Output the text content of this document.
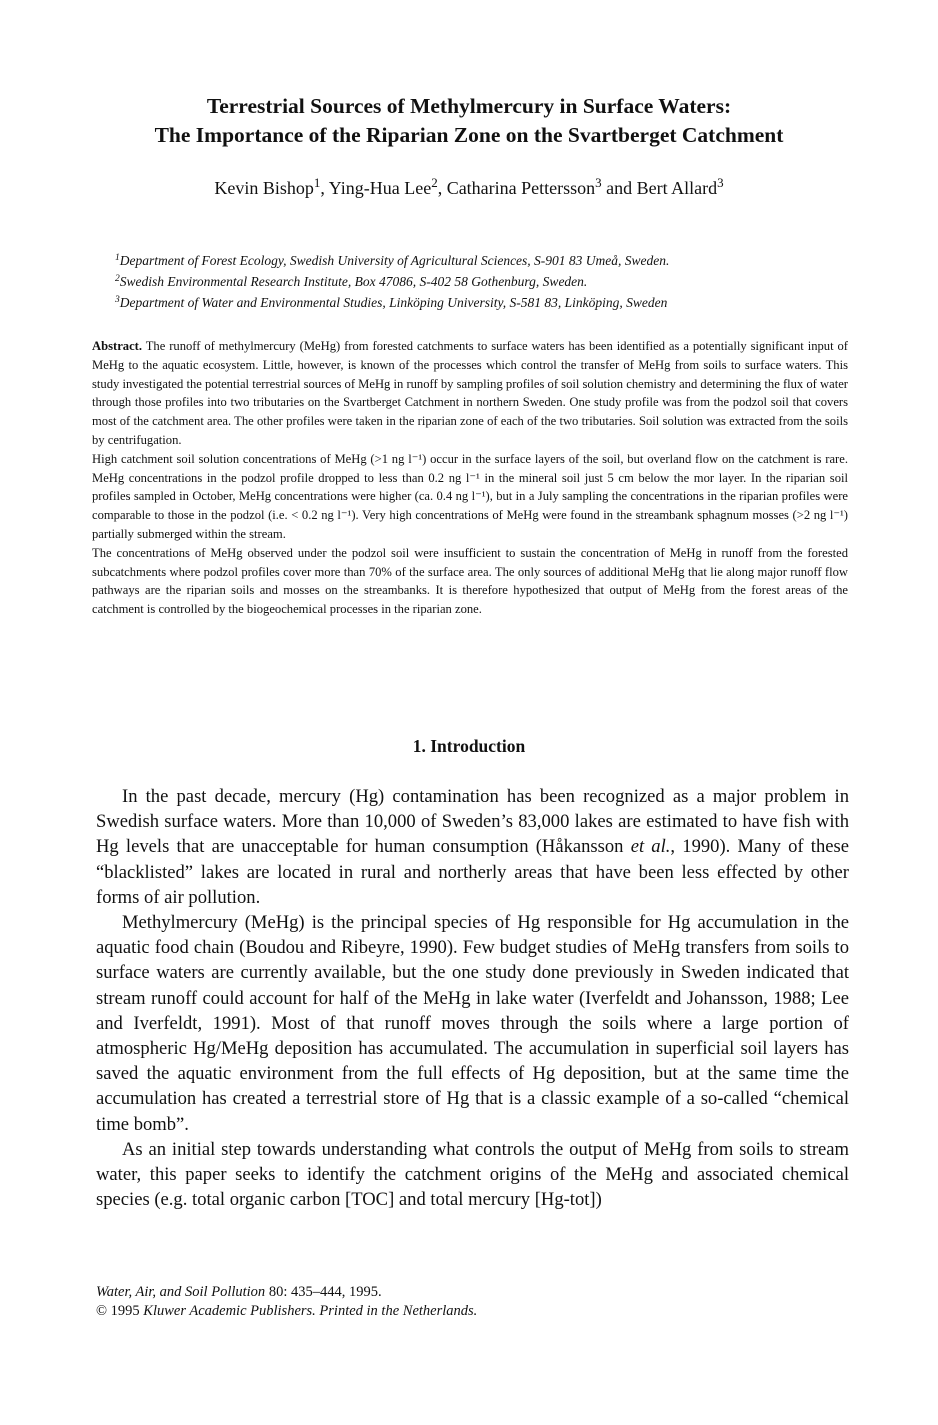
Terrestrial Sources of Methylmercury in Surface Waters:
The Importance of the Riparian Zone on the Svartberget Catchment
Kevin Bishop$^1$, Ying-Hua Lee$^2$, Catharina Pettersson$^3$ and Bert Allard$^3$
$^1$Department of Forest Ecology, Swedish University of Agricultural Sciences, S-901 83 Umeå, Sweden.
$^2$Swedish Environmental Research Institute, Box 47086, S-402 58 Gothenburg, Sweden.
$^3$Department of Water and Environmental Studies, Linköping University, S-581 83, Linköping, Sweden

Abstract. The runoff of methylmercury (MeHg) from forested catchments to surface waters has been identified as a potentially significant input of MeHg to the aquatic ecosystem. Little, however, is known of the processes which control the transfer of MeHg from soils to surface waters. This study investigated the potential terrestrial sources of MeHg in runoff by sampling profiles of soil solution chemistry and determining the flux of water through those profiles into two tributaries on the Svartberget Catchment in northern Sweden. One study profile was from the podzol soil that covers most of the catchment area. The other profiles were taken in the riparian zone of each of the two tributaries. Soil solution was extracted from the soils by centrifugation.

High catchment soil solution concentrations of MeHg (>1 ng l⁻¹) occur in the surface layers of the soil, but overland flow on the catchment is rare. MeHg concentrations in the podzol profile dropped to less than 0.2 ng l⁻¹ in the mineral soil just 5 cm below the mor layer. In the riparian soil profiles sampled in October, MeHg concentrations were higher (ca. 0.4 ng l⁻¹), but in a July sampling the concentrations in the riparian profiles were comparable to those in the podzol (i.e. < 0.2 ng l⁻¹). Very high concentrations of MeHg were found in the streambank sphagnum mosses (>2 ng l⁻¹) partially submerged within the stream.

The concentrations of MeHg observed under the podzol soil were insufficient to sustain the concentration of MeHg in runoff from the forested subcatchments where podzol profiles cover more than 70% of the surface area. The only sources of additional MeHg that lie along major runoff flow pathways are the riparian soils and mosses on the streambanks. It is therefore hypothesized that output of MeHg from the forest areas of the catchment is controlled by the biogeochemical processes in the riparian zone.

1. Introduction

In the past decade, mercury (Hg) contamination has been recognized as a major problem in Swedish surface waters. More than 10,000 of Sweden’s 83,000 lakes are estimated to have fish with Hg levels that are unacceptable for human consumption (Håkansson et al., 1990). Many of these “blacklisted” lakes are located in rural and northerly areas that have been less effected by other forms of air pollution.

Methylmercury (MeHg) is the principal species of Hg responsible for Hg accumulation in the aquatic food chain (Boudou and Ribeyre, 1990). Few budget studies of MeHg transfers from soils to surface waters are currently available, but the one study done previously in Sweden indicated that stream runoff could account for half of the MeHg in lake water (Iverfeldt and Johansson, 1988; Lee and Iverfeldt, 1991). Most of that runoff moves through the soils where a large portion of atmospheric Hg/MeHg deposition has accumulated. The accumulation in superficial soil layers has saved the aquatic environment from the full effects of Hg deposition, but at the same time the accumulation has created a terrestrial store of Hg that is a classic example of a so-called “chemical time bomb”.

As an initial step towards understanding what controls the output of MeHg from soils to stream water, this paper seeks to identify the catchment origins of the MeHg and associated chemical species (e.g. total organic carbon [TOC] and total mercury [Hg-tot])

Water, Air, and Soil Pollution 80: 435–444, 1995.
© 1995 Kluwer Academic Publishers. Printed in the Netherlands.
